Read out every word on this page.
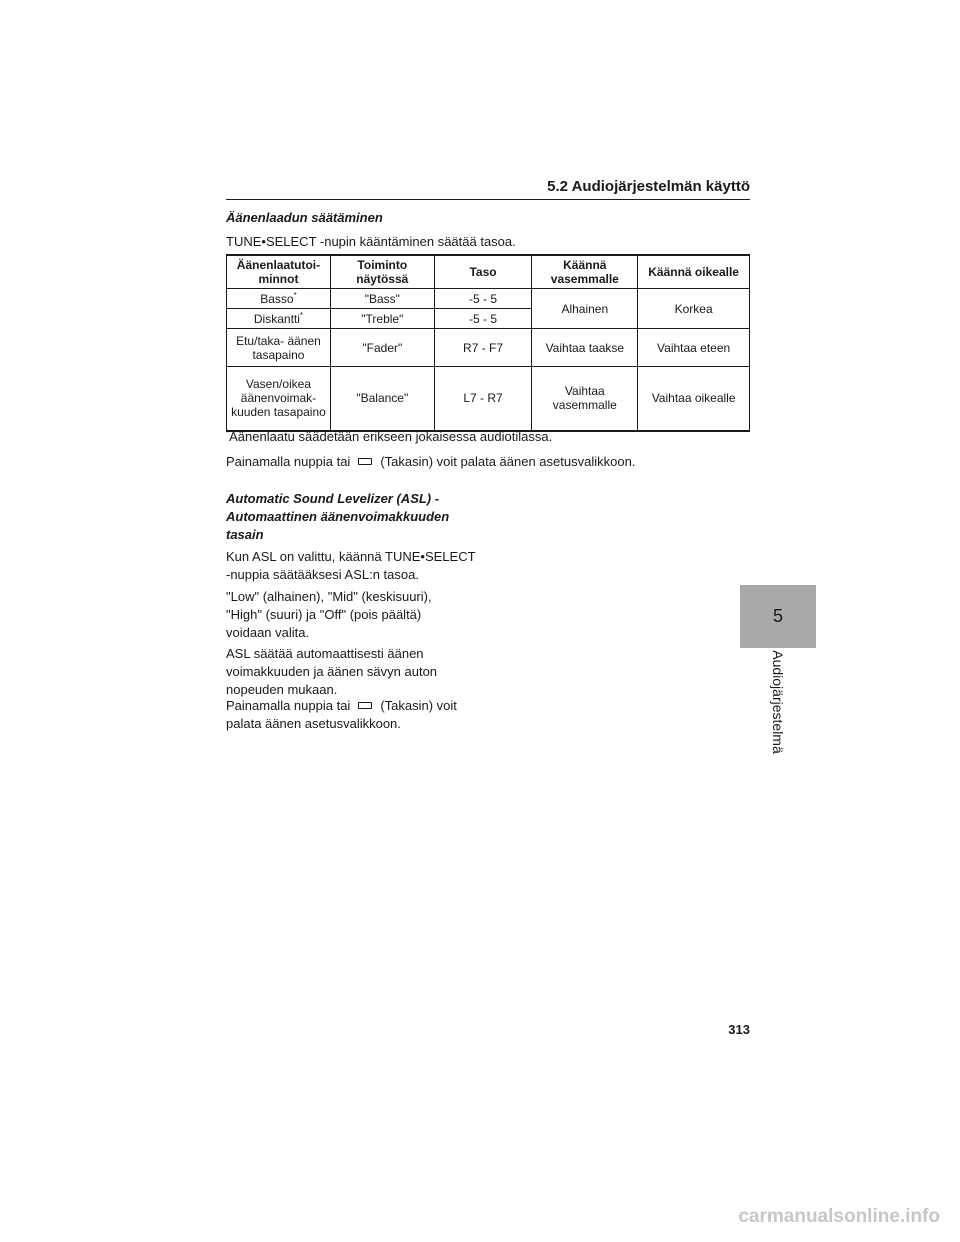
5.2 Audiojärjestelmän käyttö
Äänenlaadun säätäminen
TUNE•SELECT -nupin kääntäminen säätää tasoa.
Äänenlaatutoi-minnot	Toiminto näytössä	Taso	Käännä vasemmalle	Käännä oikealle
Basso*	"Bass"	-5 - 5	Alhainen	Korkea
Diskantti*	"Treble"	-5 - 5		
Etu/taka- äänen tasapaino	"Fader"	R7 - F7	Vaihtaa taakse	Vaihtaa eteen
Vasen/oikea äänenvoimak-kuuden tasapaino	"Balance"	L7 - R7	Vaihtaa vasemmalle	Vaihtaa oikealle
*Äänenlaatu säädetään erikseen jokaisessa audiotilassa.
Painamalla nuppia tai (Takasin) voit palata äänen asetusvalikkoon.
Automatic Sound Levelizer (ASL) - Automaattinen äänenvoimakkuuden tasain
Kun ASL on valittu, käännä TUNE•SELECT -nuppia säätääksesi ASL:n tasoa.
"Low" (alhainen), "Mid" (keskisuuri), "High" (suuri) ja "Off" (pois päältä) voidaan valita.
ASL säätää automaattisesti äänen voimakkuuden ja äänen sävyn auton nopeuden mukaan.
Painamalla nuppia tai (Takasin) voit palata äänen asetusvalikkoon.
5
Audiojärjestelmä
313
carmanualsonline.info
